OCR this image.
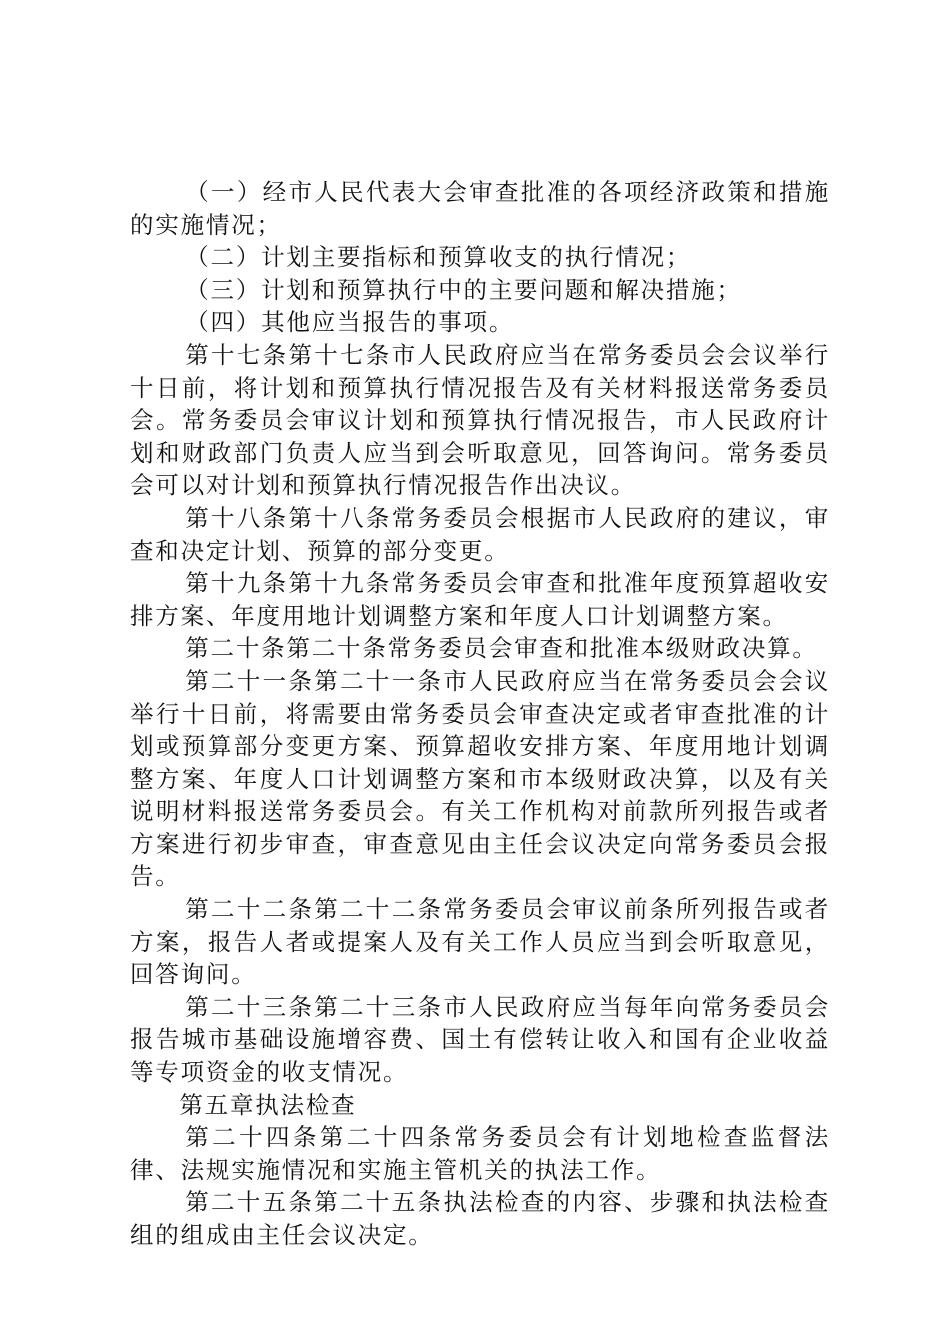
（一）经市人民代表大会审查批准的各项经济政策和措施的实施情况；

（二）计划主要指标和预算收支的执行情况；

（三）计划和预算执行中的主要问题和解决措施；

（四）其他应当报告的事项。

第十七条第十七条市人民政府应当在常务委员会会议举行十日前，将计划和预算执行情况报告及有关材料报送常务委员会。常务委员会审议计划和预算执行情况报告，市人民政府计划和财政部门负责人应当到会听取意见，回答询问。常务委员会可以对计划和预算执行情况报告作出决议。

第十八条第十八条常务委员会根据市人民政府的建议，审查和决定计划、预算的部分变更。

第十九条第十九条常务委员会审查和批准年度预算超收安排方案、年度用地计划调整方案和年度人口计划调整方案。

第二十条第二十条常务委员会审查和批准本级财政决算。

第二十一条第二十一条市人民政府应当在常务委员会会议举行十日前，将需要由常务委员会审查决定或者审查批准的计划或预算部分变更方案、预算超收安排方案、年度用地计划调整方案、年度人口计划调整方案和市本级财政决算，以及有关说明材料报送常务委员会。有关工作机构对前款所列报告或者方案进行初步审查，审查意见由主任会议决定向常务委员会报告。

第二十二条第二十二条常务委员会审议前条所列报告或者方案，报告人者或提案人及有关工作人员应当到会听取意见，回答询问。

第二十三条第二十三条市人民政府应当每年向常务委员会报告城市基础设施增容费、国土有偿转让收入和国有企业收益等专项资金的收支情况。

第五章执法检查

第二十四条第二十四条常务委员会有计划地检查监督法律、法规实施情况和实施主管机关的执法工作。

第二十五条第二十五条执法检查的内容、步骤和执法检查组的组成由主任会议决定。
